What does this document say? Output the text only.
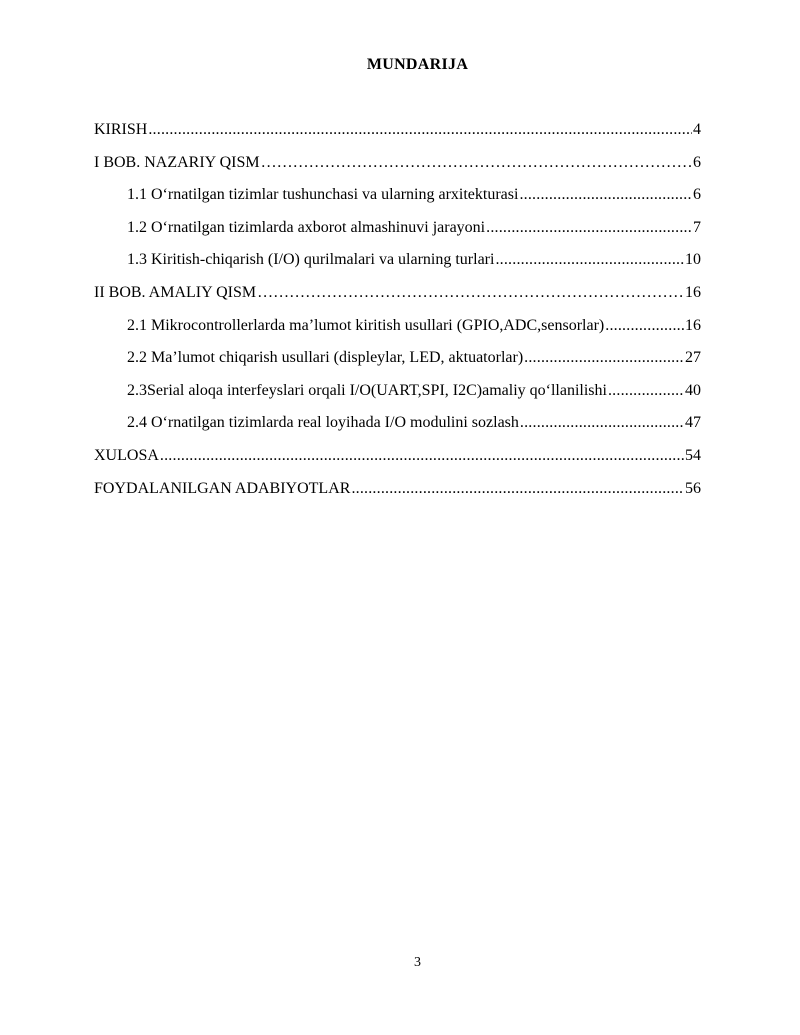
MUNDARIJA
KIRISH .....	4
I BOB. NAZARIY QISM ………………………………………………………………………………………………………………………………………………	6
1.1 O‘rnatilgan tizimlar tushunchasi va ularning arxitekturasi .....	6
1.2 O‘rnatilgan tizimlarda axborot almashinuvi jarayoni .....	7
1.3 Kiritish-chiqarish (I/O) qurilmalari va ularning turlari .....	10
II BOB. AMALIY QISM ………………………………………………………………………………………………………………………………………………	16
2.1 Mikrocontrollerlarda ma’lumot kiritish usullari (GPIO,ADC,sensorlar) .....	16
2.2 Ma’lumot chiqarish usullari (displeylar, LED, aktuatorlar) .....	27
2.3Serial aloqa interfeyslari orqali I/O(UART,SPI, I2C)amaliy qo‘llanilishi .....	40
2.4 O‘rnatilgan tizimlarda real loyihada I/O modulini sozlash .....	47
XULOSA .....	54
FOYDALANILGAN ADABIYOTLAR .....	56
3
